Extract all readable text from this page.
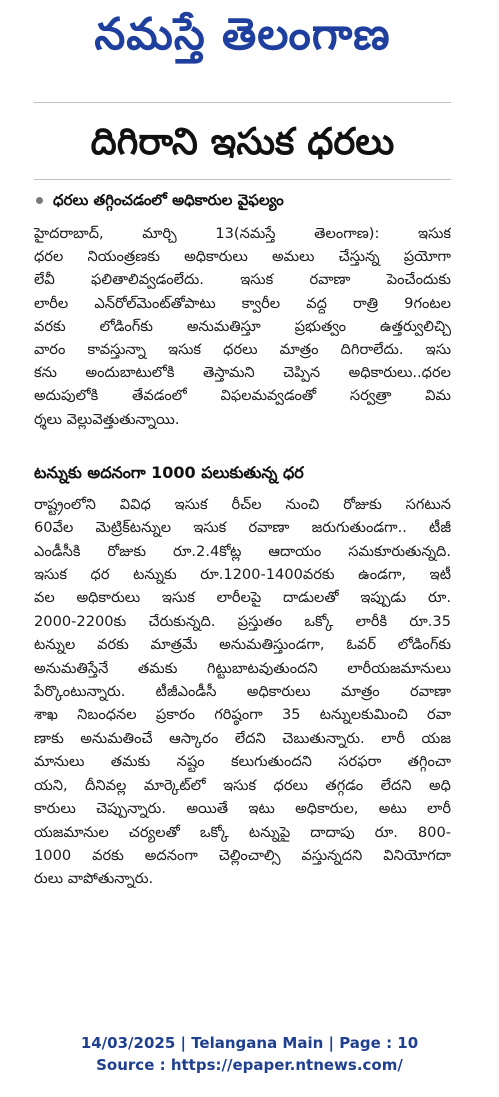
నమస్తే తెలంగాణ
దిగిరాని ఇసుక ధరలు
ధరలు తగ్గించడంలో అధికారుల వైఫల్యం
హైదరాబాద్, మార్చి 13(నమస్తే తెలంగాణ): ఇసుక
ధరల నియంత్రణకు అధికారులు అమలు చేస్తున్న ప్రయోగా
లేవీ ఫలితాలివ్వడంలేదు. ఇసుక రవాణా పెంచేందుకు
లారీల ఎన్‌రోల్‌మెంట్‌తోపాటు క్వారీల వద్ద రాత్రి 9గంటల
వరకు లోడింగ్‌కు అనుమతిస్తూ ప్రభుత్వం ఉత్తర్వులిచ్చి
వారం కావస్తున్నా ఇసుక ధరలు మాత్రం దిగిరాలేదు. ఇసు
కను అందుబాటులోకి తెస్తామని చెప్పిన అధికారులు..ధరల
అదుపులోకి తేవడంలో విఫలమవ్వడంతో సర్వత్రా విమ
ర్శలు వెల్లువెత్తుతున్నాయి.
టన్నుకు అదనంగా 1000 పలుకుతున్న ధర
రాష్ట్రంలోని వివిధ ఇసుక రీచ్‌ల నుంచి రోజుకు సగటున
60వేల మెట్రిక్‌టన్నుల ఇసుక రవాణా జరుగుతుండగా.. టీజీ
ఎండీసీకి రోజుకు రూ.2.4కోట్ల ఆదాయం సమకూరుతున్నది.
ఇసుక ధర టన్నుకు రూ.1200-1400వరకు ఉండగా, ఇటీ
వల అధికారులు ఇసుక లారీలపై దాడులతో ఇప్పుడు రూ.
2000-2200కు చేరుకున్నది. ప్రస్తుతం ఒక్కో లారీకి రూ.35
టన్నుల వరకు మాత్రమే అనుమతిస్తుండగా, ఓవర్ లోడింగ్‌కు
అనుమతిస్తేనే తమకు గిట్టుబాటవుతుందని లారీయజమానులు
పేర్కొంటున్నారు. టీజీఎండీసీ అధికారులు మాత్రం రవాణా
శాఖ నిబంధనల ప్రకారం గరిష్ఠంగా 35 టన్నులకుమించి రవా
ణాకు అనుమతించే ఆస్కారం లేదని చెబుతున్నారు. లారీ యజ
మానులు తమకు నష్టం కలుగుతుందని సరఫరా తగ్గించా
యని, దీనివల్ల మార్కెట్‌లో ఇసుక ధరలు తగ్గడం లేదని అధి
కారులు చెప్పున్నారు. అయితే ఇటు అధికారుల, అటు లారీ
యజమానుల చర్యలతో ఒక్కో టన్నుపై దాదాపు రూ. 800-
1000 వరకు అదనంగా చెల్లించాల్సి వస్తున్నదని వినియోగదా
రులు వాపోతున్నారు.
14/03/2025 | Telangana Main | Page : 10
Source : https://epaper.ntnews.com/
